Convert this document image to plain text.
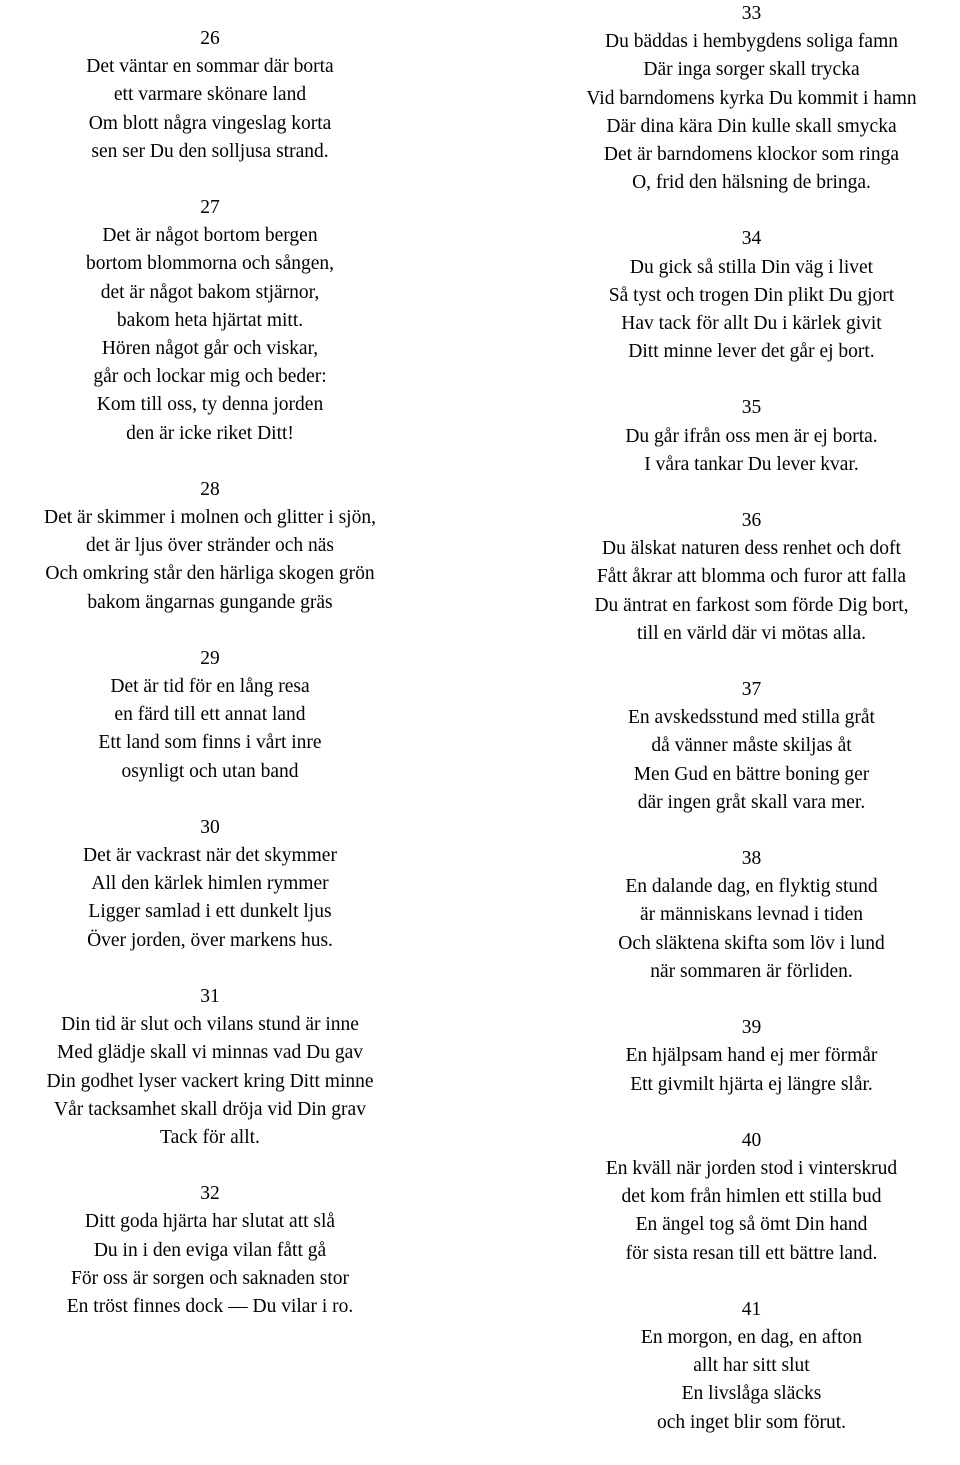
26
Det väntar en sommar där borta
ett varmare skönare land
Om blott några vingeslag korta
sen ser Du den solljusa strand.
27
Det är något bortom bergen
bortom blommorna och sången,
det är något bakom stjärnor,
bakom heta hjärtat mitt.
Hören något går och viskar,
går och lockar mig och beder:
Kom till oss, ty denna jorden
den är icke riket Ditt!
28
Det är skimmer i molnen och glitter i sjön,
det är ljus över stränder och näs
Och omkring står den härliga skogen grön
bakom ängarnas gungande gräs
29
Det är tid för en lång resa
en färd till ett annat land
Ett land som finns i vårt inre
osynligt och utan band
30
Det är vackrast när det skymmer
All den kärlek himlen rymmer
Ligger samlad i ett dunkelt ljus
Över jorden, över markens hus.
31
Din tid är slut och vilans stund är inne
Med glädje skall vi minnas vad Du gav
Din godhet lyser vackert kring Ditt minne
Vår tacksamhet skall dröja vid Din grav
Tack för allt.
32
Ditt goda hjärta har slutat att slå
Du in i den eviga vilan fått gå
För oss är sorgen och saknaden stor
En tröst finnes dock — Du vilar i ro.
33
Du bäddas i hembygdens soliga famn
Där inga sorger skall trycka
Vid barndomens kyrka Du kommit i hamn
Där dina kära Din kulle skall smycka
Det är barndomens klockor som ringa
O, frid den hälsning de bringa.
34
Du gick så stilla Din väg i livet
Så tyst och trogen Din plikt Du gjort
Hav tack för allt Du i kärlek givit
Ditt minne lever det går ej bort.
35
Du går ifrån oss men är ej borta.
I våra tankar Du lever kvar.
36
Du älskat naturen dess renhet och doft
Fått åkrar att blomma och furor att falla
Du äntrat en farkost som förde Dig bort,
till en värld där vi mötas alla.
37
En avskedsstund med stilla gråt
då vänner måste skiljas åt
Men Gud en bättre boning ger
där ingen gråt skall vara mer.
38
En dalande dag, en flyktig stund
är människans levnad i tiden
Och släktena skifta som löv i lund
när sommaren är förliden.
39
En hjälpsam hand ej mer förmår
Ett givmilt hjärta ej längre slår.
40
En kväll när jorden stod i vinterskrud
det kom från himlen ett stilla bud
En ängel tog så ömt Din hand
för sista resan till ett bättre land.
41
En morgon, en dag, en afton
allt har sitt slut
En livslåga släcks
och inget blir som förut.
